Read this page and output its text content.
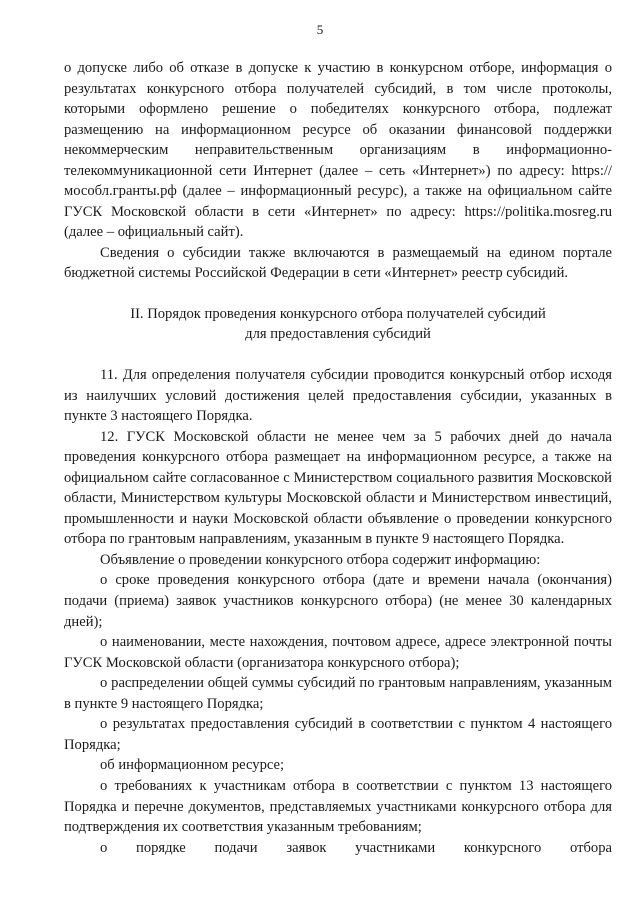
5

о допуске либо об отказе в допуске к участию в конкурсном отборе, информация о результатах конкурсного отбора получателей субсидий, в том числе протоколы, которыми оформлено решение о победителях конкурсного отбора, подлежат размещению на информационном ресурсе об оказании финансовой поддержки некоммерческим неправительственным организациям в информационно-телекоммуникационной сети Интернет (далее – сеть «Интернет») по адресу: https://мособл.гранты.рф (далее – информационный ресурс), а также на официальном сайте ГУСК Московской области в сети «Интернет» по адресу: https://politika.mosreg.ru (далее – официальный сайт).

Сведения о субсидии также включаются в размещаемый на едином портале бюджетной системы Российской Федерации в сети «Интернет» реестр субсидий.

II. Порядок проведения конкурсного отбора получателей субсидий
для предоставления субсидий

11. Для определения получателя субсидии проводится конкурсный отбор исходя из наилучших условий достижения целей предоставления субсидии, указанных в пункте 3 настоящего Порядка.

12. ГУСК Московской области не менее чем за 5 рабочих дней до начала проведения конкурсного отбора размещает на информационном ресурсе, а также на официальном сайте согласованное с Министерством социального развития Московской области, Министерством культуры Московской области и Министерством инвестиций, промышленности и науки Московской области объявление о проведении конкурсного отбора по грантовым направлениям, указанным в пункте 9 настоящего Порядка.

Объявление о проведении конкурсного отбора содержит информацию:

о сроке проведения конкурсного отбора (дате и времени начала (окончания) подачи (приема) заявок участников конкурсного отбора) (не менее 30 календарных дней);

о наименовании, месте нахождения, почтовом адресе, адресе электронной почты ГУСК Московской области (организатора конкурсного отбора);

о распределении общей суммы субсидий по грантовым направлениям, указанным в пункте 9 настоящего Порядка;

о результатах предоставления субсидий в соответствии с пунктом 4 настоящего Порядка;

об информационном ресурсе;

о требованиях к участникам отбора в соответствии с пунктом 13 настоящего Порядка и перечне документов, представляемых участниками конкурсного отбора для подтверждения их соответствия указанным требованиям;

о порядке подачи заявок участниками конкурсного отбора
